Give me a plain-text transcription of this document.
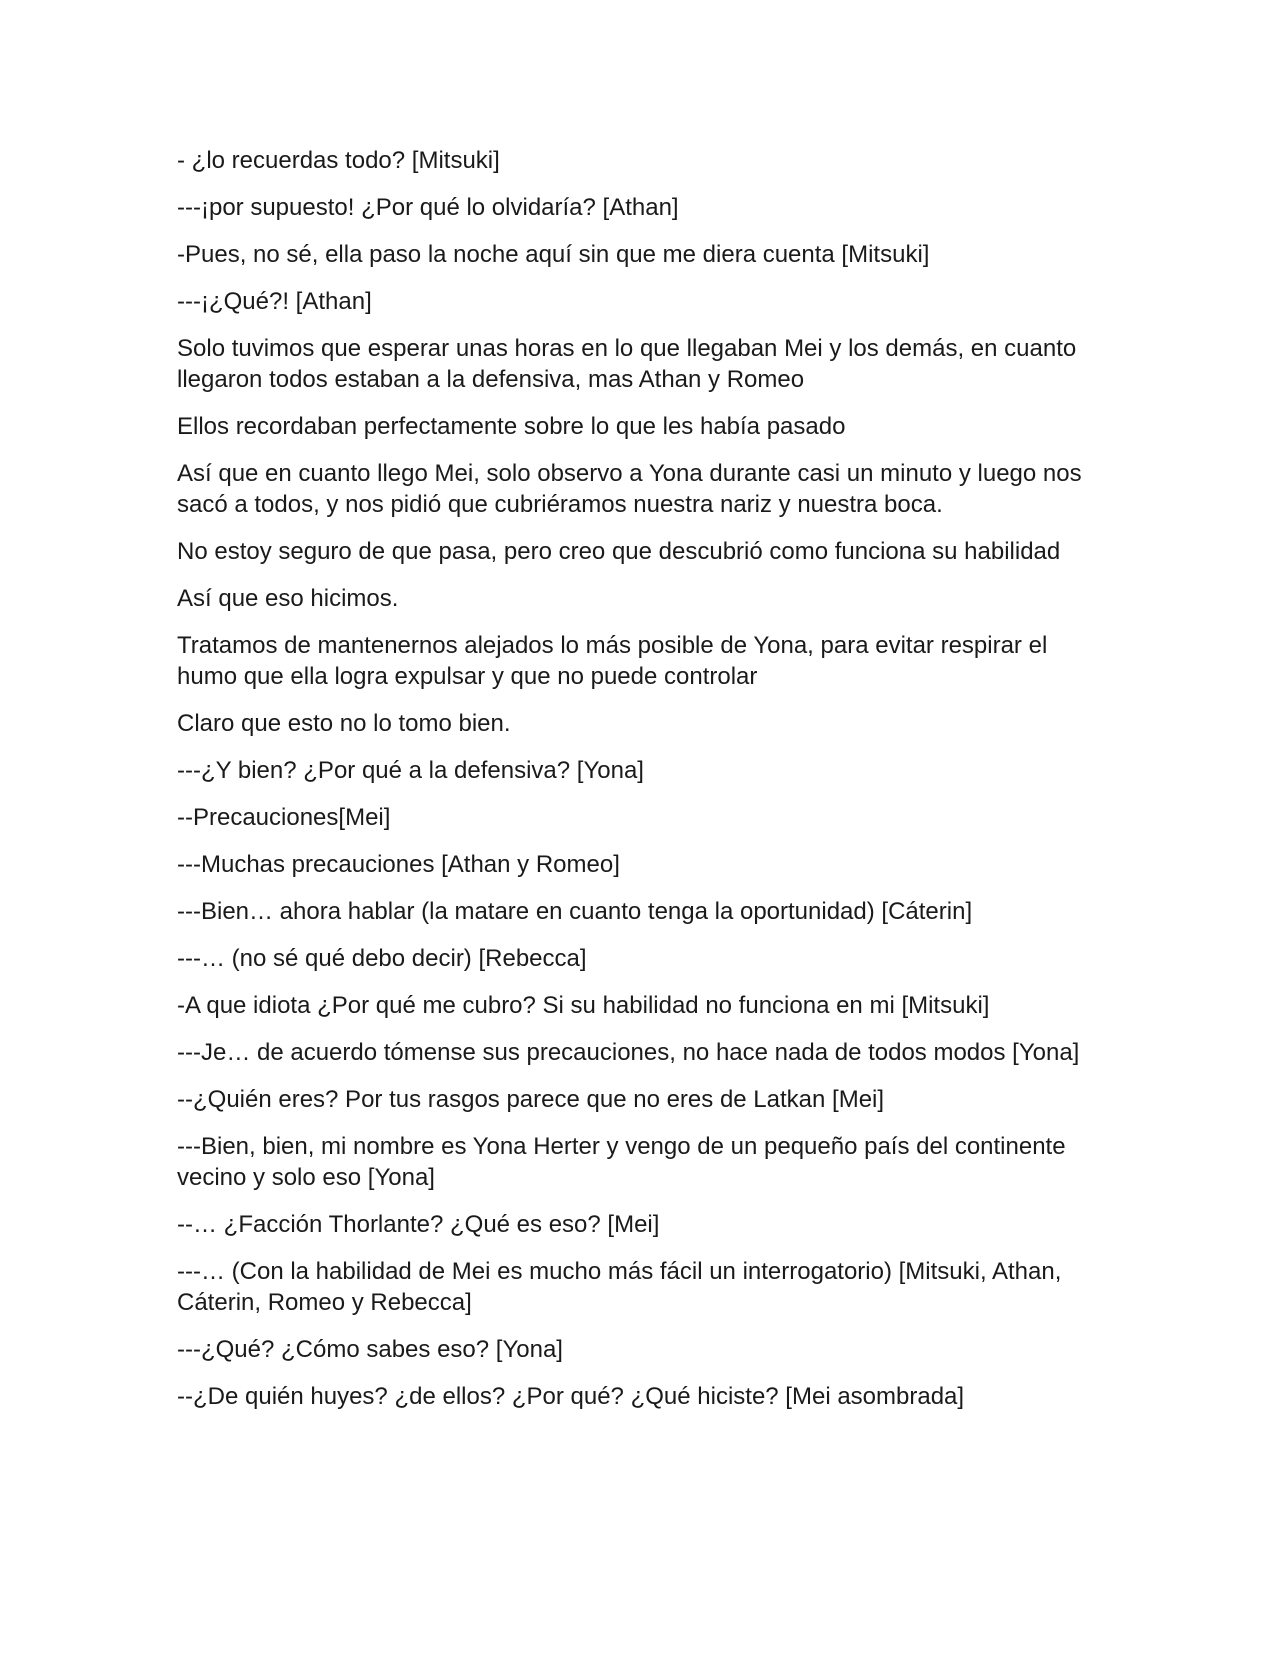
- ¿lo recuerdas todo? [Mitsuki]

---¡por supuesto! ¿Por qué lo olvidaría? [Athan]

-Pues, no sé, ella paso la noche aquí sin que me diera cuenta [Mitsuki]

---¡¿Qué?! [Athan]

Solo tuvimos que esperar unas horas en lo que llegaban Mei y los demás, en cuanto llegaron todos estaban a la defensiva, mas Athan y Romeo

Ellos recordaban perfectamente sobre lo que les había pasado

Así que en cuanto llego Mei, solo observo a Yona durante casi un minuto y luego nos sacó a todos, y nos pidió que cubriéramos nuestra nariz y nuestra boca.

No estoy seguro de que pasa, pero creo que descubrió como funciona su habilidad

Así que eso hicimos.

Tratamos de mantenernos alejados lo más posible de Yona, para evitar respirar el humo que ella logra expulsar y que no puede controlar

Claro que esto no lo tomo bien.

---¿Y bien? ¿Por qué a la defensiva? [Yona]

--Precauciones[Mei]

---Muchas precauciones [Athan y Romeo]

---Bien… ahora hablar (la matare en cuanto tenga la oportunidad) [Cáterin]

---… (no sé qué debo decir) [Rebecca]

-A que idiota ¿Por qué me cubro? Si su habilidad no funciona en mi [Mitsuki]

---Je… de acuerdo tómense sus precauciones, no hace nada de todos modos [Yona]

--¿Quién eres? Por tus rasgos parece que no eres de Latkan [Mei]

---Bien, bien, mi nombre es Yona Herter y vengo de un pequeño país del continente vecino y solo eso [Yona]

--… ¿Facción Thorlante? ¿Qué es eso? [Mei]

---… (Con la habilidad de Mei es mucho más fácil un interrogatorio) [Mitsuki, Athan, Cáterin, Romeo y Rebecca]

---¿Qué? ¿Cómo sabes eso? [Yona]

--¿De quién huyes? ¿de ellos? ¿Por qué? ¿Qué hiciste? [Mei asombrada]
